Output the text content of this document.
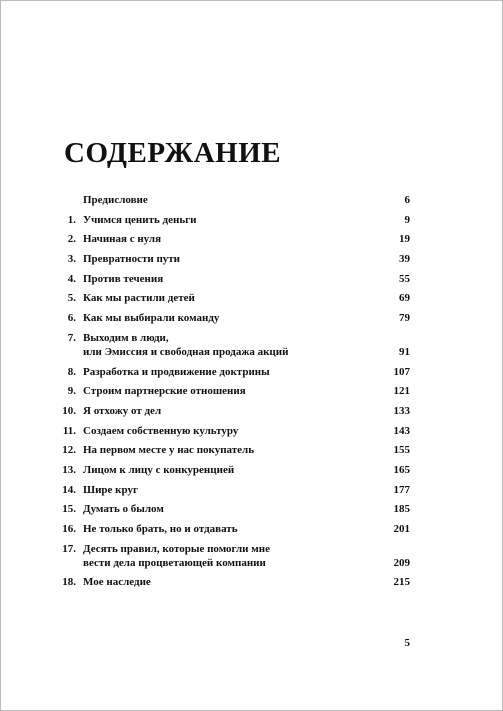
СОДЕРЖАНИЕ
Предисловие	6
1. Учимся ценить деньги	9
2. Начиная с нуля	19
3. Превратности пути	39
4. Против течения	55
5. Как мы растили детей	69
6. Как мы выбирали команду	79
7. Выходим в люди,
или Эмиссия и свободная продажа акций	91
8. Разработка и продвижение доктрины	107
9. Строим партнерские отношения	121
10. Я отхожу от дел	133
11. Создаем собственную культуру	143
12. На первом месте у нас покупатель	155
13. Лицом к лицу с конкуренцией	165
14. Шире круг	177
15. Думать о былом	185
16. Не только брать, но и отдавать	201
17. Десять правил, которые помогли мне
вести дела процветающей компании	209
18. Мое наследие	215
5
